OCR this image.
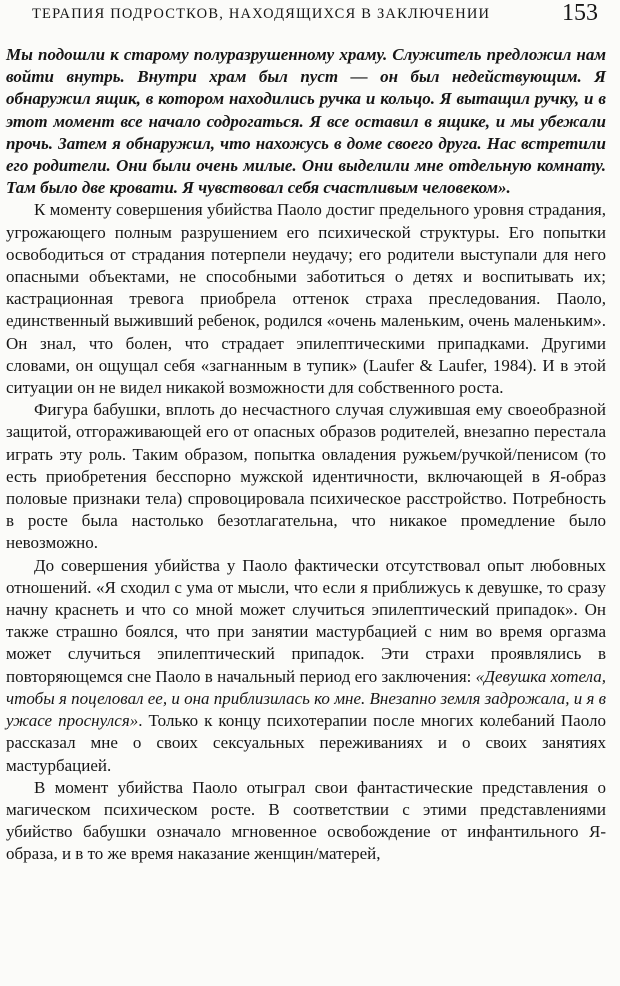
ТЕРАПИЯ ПОДРОСТКОВ, НАХОДЯЩИХСЯ В ЗАКЛЮЧЕНИИ	153

Мы подошли к старому полуразрушенному храму. Служитель предложил нам войти внутрь. Внутри храм был пуст — он был недействующим. Я обнаружил ящик, в котором находились ручка и кольцо. Я вытащил ручку, и в этот момент все начало содрогаться. Я все оставил в ящике, и мы убежали прочь. Затем я обнаружил, что нахожусь в доме своего друга. Нас встретили его родители. Они были очень милые. Они выделили мне отдельную комнату. Там было две кровати. Я чувствовал себя счастливым человеком».

К моменту совершения убийства Паоло достиг предельного уровня страдания, угрожающего полным разрушением его психической структуры. Его попытки освободиться от страдания потерпели неудачу; его родители выступали для него опасными объектами, не способными заботиться о детях и воспитывать их; кастрационная тревога приобрела оттенок страха преследования. Паоло, единственный выживший ребенок, родился «очень маленьким, очень маленьким». Он знал, что болен, что страдает эпилептическими припадками. Другими словами, он ощущал себя «загнанным в тупик» (Laufer & Laufer, 1984). И в этой ситуации он не видел никакой возможности для собственного роста.

Фигура бабушки, вплоть до несчастного случая служившая ему своеобразной защитой, отгораживающей его от опасных образов родителей, внезапно перестала играть эту роль. Таким образом, попытка овладения ружьем/ручкой/пенисом (то есть приобретения бесспорно мужской идентичности, включающей в Я-образ половые признаки тела) спровоцировала психическое расстройство. Потребность в росте была настолько безотлагательна, что никакое промедление было невозможно.

До совершения убийства у Паоло фактически отсутствовал опыт любовных отношений. «Я сходил с ума от мысли, что если я приближусь к девушке, то сразу начну краснеть и что со мной может случиться эпилептический припадок». Он также страшно боялся, что при занятии мастурбацией с ним во время оргазма может случиться эпилептический припадок. Эти страхи проявлялись в повторяющемся сне Паоло в начальный период его заключения: «Девушка хотела, чтобы я поцеловал ее, и она приблизилась ко мне. Внезапно земля задрожала, и я в ужасе проснулся». Только к концу психотерапии после многих колебаний Паоло рассказал мне о своих сексуальных переживаниях и о своих занятиях мастурбацией.

В момент убийства Паоло отыграл свои фантастические представления о магическом психическом росте. В соответствии с этими представлениями убийство бабушки означало мгновенное освобождение от инфантильного Я-образа, и в то же время наказание женщин/матерей,
